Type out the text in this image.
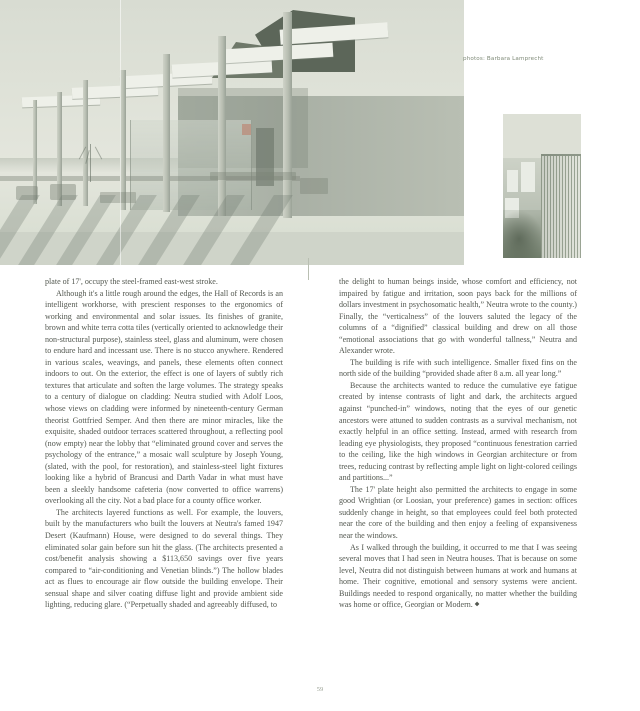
photos: Barbara Lamprecht

plate of 17', occupy the steel-framed east-west stroke.

Although it's a little rough around the edges, the Hall of Records is an intelligent workhorse, with prescient responses to the ergonomics of working and environmental and solar issues. Its finishes of granite, brown and white terra cotta tiles (vertically oriented to acknowledge their non-structural purpose), stainless steel, glass and aluminum, were chosen to endure hard and incessant use. There is no stucco anywhere. Rendered in various scales, weavings, and panels, these elements often connect indoors to out. On the exterior, the effect is one of layers of subtly rich textures that articulate and soften the large volumes. The strategy speaks to a century of dialogue on cladding: Neutra studied with Adolf Loos, whose views on cladding were informed by nineteenth-century German theorist Gottfried Semper. And then there are minor miracles, like the exquisite, shaded outdoor terraces scattered throughout, a reflecting pool (now empty) near the lobby that “eliminated ground cover and serves the psychology of the entrance,” a mosaic wall sculpture by Joseph Young, (slated, with the pool, for restoration), and stainless-steel light fixtures looking like a hybrid of Brancusi and Darth Vadar in what must have been a sleekly handsome cafeteria (now converted to office warrens) overlooking all the city. Not a bad place for a county office worker.

The architects layered functions as well. For example, the louvers, built by the manufacturers who built the louvers at Neutra's famed 1947 Desert (Kaufmann) House, were designed to do several things. They eliminated solar gain before sun hit the glass. (The architects presented a cost/benefit analysis showing a $113,650 savings over five years compared to “air-conditioning and Venetian blinds.”) The hollow blades act as flues to encourage air flow outside the building envelope. Their sensual shape and silver coating diffuse light and provide ambient side lighting, reducing glare. (“Perpetually shaded and agreeably diffused, to

the delight to human beings inside, whose comfort and efficiency, not impaired by fatigue and irritation, soon pays back for the millions of dollars investment in psychosomatic health,” Neutra wrote to the county.) Finally, the “verticalness” of the louvers saluted the legacy of the columns of a “dignified” classical building and drew on all those “emotional associations that go with wonderful tallness,” Neutra and Alexander wrote.

The building is rife with such intelligence. Smaller fixed fins on the north side of the building “provided shade after 8 a.m. all year long.”

Because the architects wanted to reduce the cumulative eye fatigue created by intense contrasts of light and dark, the architects argued against “punched-in” windows, noting that the eyes of our genetic ancestors were attuned to sudden contrasts as a survival mechanism, not exactly helpful in an office setting. Instead, armed with research from leading eye physiologists, they proposed “continuous fenestration carried to the ceiling, like the high windows in Georgian architecture or from trees, reducing contrast by reflecting ample light on light-colored ceilings and partitions...”

The 17' plate height also permitted the architects to engage in some good Wrightian (or Loosian, your preference) games in section: offices suddenly change in height, so that employees could feel both protected near the core of the building and then enjoy a feeling of expansiveness near the windows.

As I walked through the building, it occurred to me that I was seeing several moves that I had seen in Neutra houses. That is because on some level, Neutra did not distinguish between humans at work and humans at home. Their cognitive, emotional and sensory systems were ancient. Buildings needed to respond organically, no matter whether the building was home or office, Georgian or Modern. ◆

59
